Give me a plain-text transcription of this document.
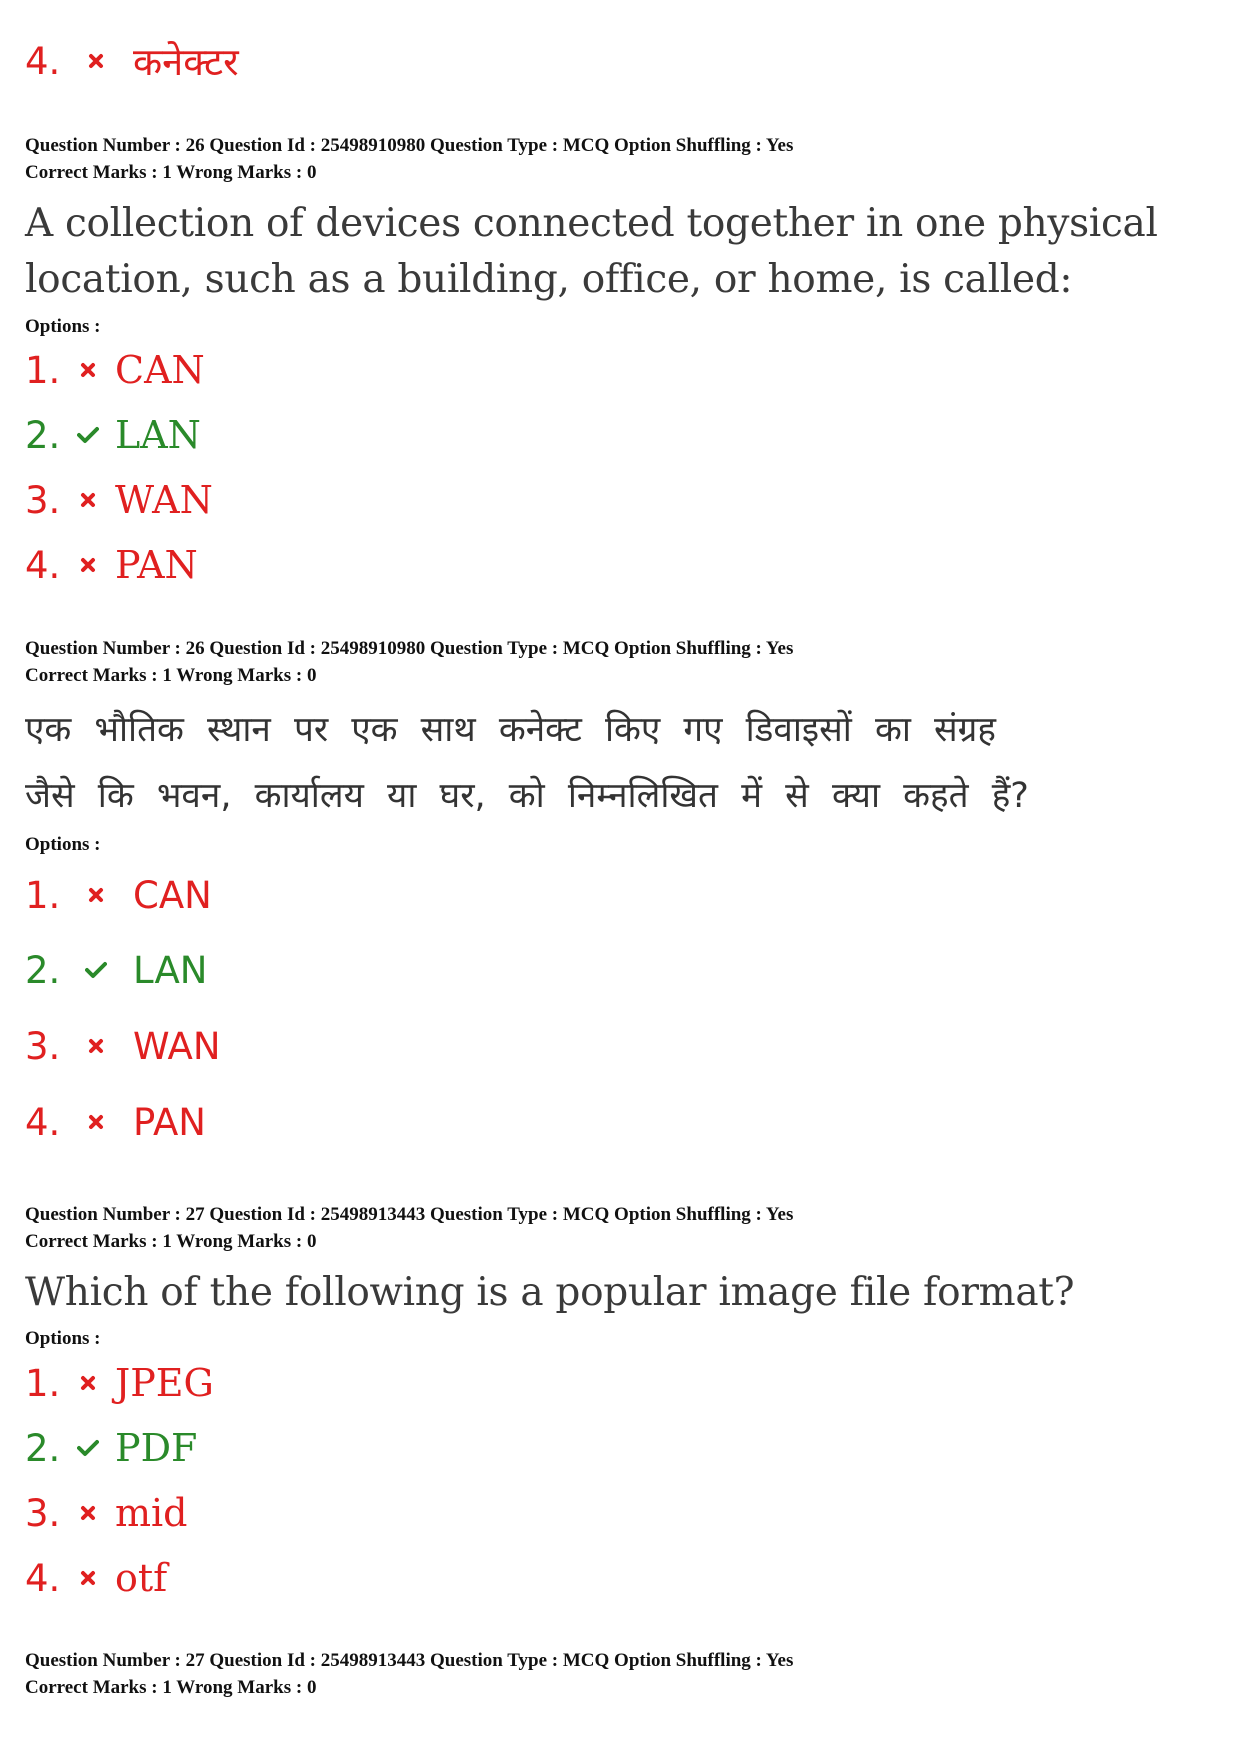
4.	कनेक्टर
Question Number : 26 Question Id : 25498910980 Question Type : MCQ Option Shuffling : Yes
Correct Marks : 1 Wrong Marks : 0
A collection of devices connected together in one physical
location, such as a building, office, or home, is called:
Options :
1.	CAN
2.	LAN
3.	WAN
4.	PAN
Question Number : 26 Question Id : 25498910980 Question Type : MCQ Option Shuffling : Yes
Correct Marks : 1 Wrong Marks : 0
एक भौतिक स्थान पर एक साथ कनेक्ट किए गए डिवाइसों का संग्रह
जैसे कि भवन, कार्यालय या घर, को निम्नलिखित में से क्या कहते हैं?
Options :
1.	CAN
2.	LAN
3.	WAN
4.	PAN
Question Number : 27 Question Id : 25498913443 Question Type : MCQ Option Shuffling : Yes
Correct Marks : 1 Wrong Marks : 0
Which of the following is a popular image file format?
Options :
1.	JPEG
2.	PDF
3.	mid
4.	otf
Question Number : 27 Question Id : 25498913443 Question Type : MCQ Option Shuffling : Yes
Correct Marks : 1 Wrong Marks : 0
